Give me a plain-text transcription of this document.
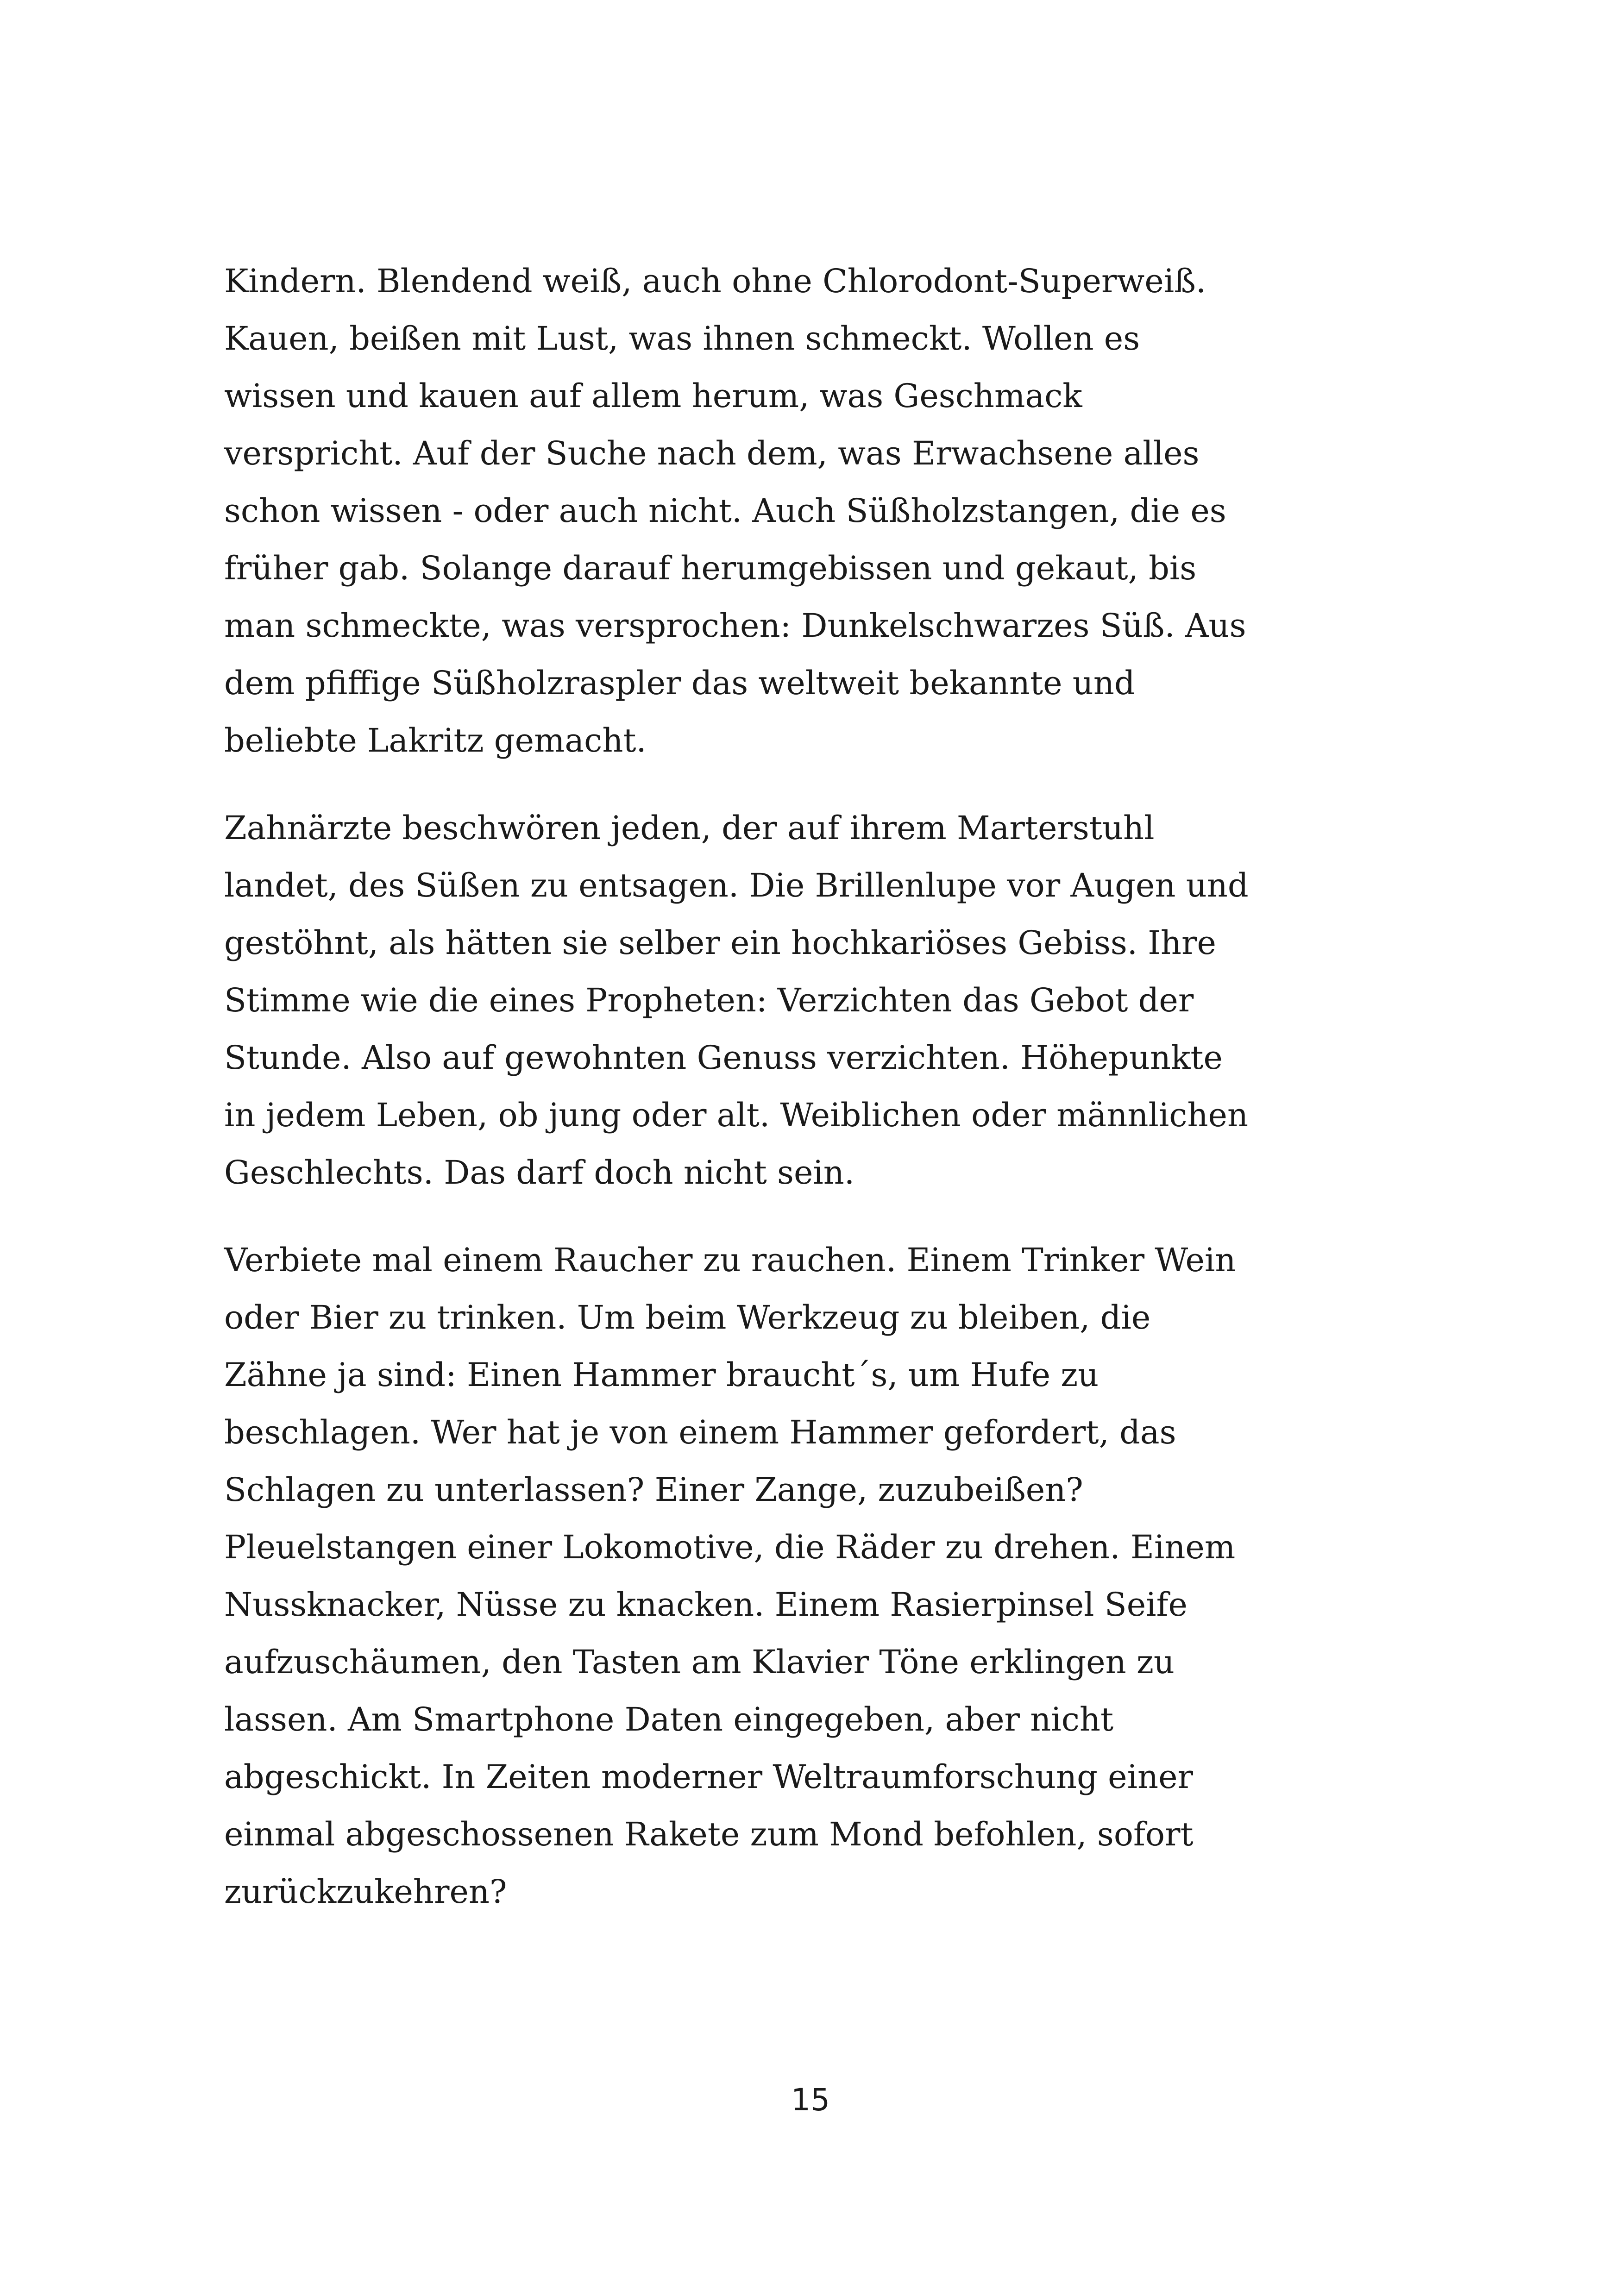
Kindern. Blendend weiß, auch ohne Chlorodont-Superweiß.
Kauen, beißen mit Lust, was ihnen schmeckt. Wollen es
wissen und kauen auf allem herum, was Geschmack
verspricht. Auf der Suche nach dem, was Erwachsene alles
schon wissen - oder auch nicht. Auch Süßholzstangen, die es
früher gab. Solange darauf herumgebissen und gekaut, bis
man schmeckte, was versprochen: Dunkelschwarzes Süß. Aus
dem pfiffige Süßholzraspler das weltweit bekannte und
beliebte Lakritz gemacht.
Zahnärzte beschwören jeden, der auf ihrem Marterstuhl
landet, des Süßen zu entsagen. Die Brillenlupe vor Augen und
gestöhnt, als hätten sie selber ein hochkariöses Gebiss. Ihre
Stimme wie die eines Propheten: Verzichten das Gebot der
Stunde. Also auf gewohnten Genuss verzichten. Höhepunkte
in jedem Leben, ob jung oder alt. Weiblichen oder männlichen
Geschlechts. Das darf doch nicht sein.
Verbiete mal einem Raucher zu rauchen. Einem Trinker Wein
oder Bier zu trinken. Um beim Werkzeug zu bleiben, die
Zähne ja sind: Einen Hammer braucht´s, um Hufe zu
beschlagen. Wer hat je von einem Hammer gefordert, das
Schlagen zu unterlassen? Einer Zange, zuzubeißen?
Pleuelstangen einer Lokomotive, die Räder zu drehen. Einem
Nussknacker, Nüsse zu knacken. Einem Rasierpinsel Seife
aufzuschäumen, den Tasten am Klavier Töne erklingen zu
lassen. Am Smartphone Daten eingegeben, aber nicht
abgeschickt. In Zeiten moderner Weltraumforschung einer
einmal abgeschossenen Rakete zum Mond befohlen, sofort
zurückzukehren?
15
